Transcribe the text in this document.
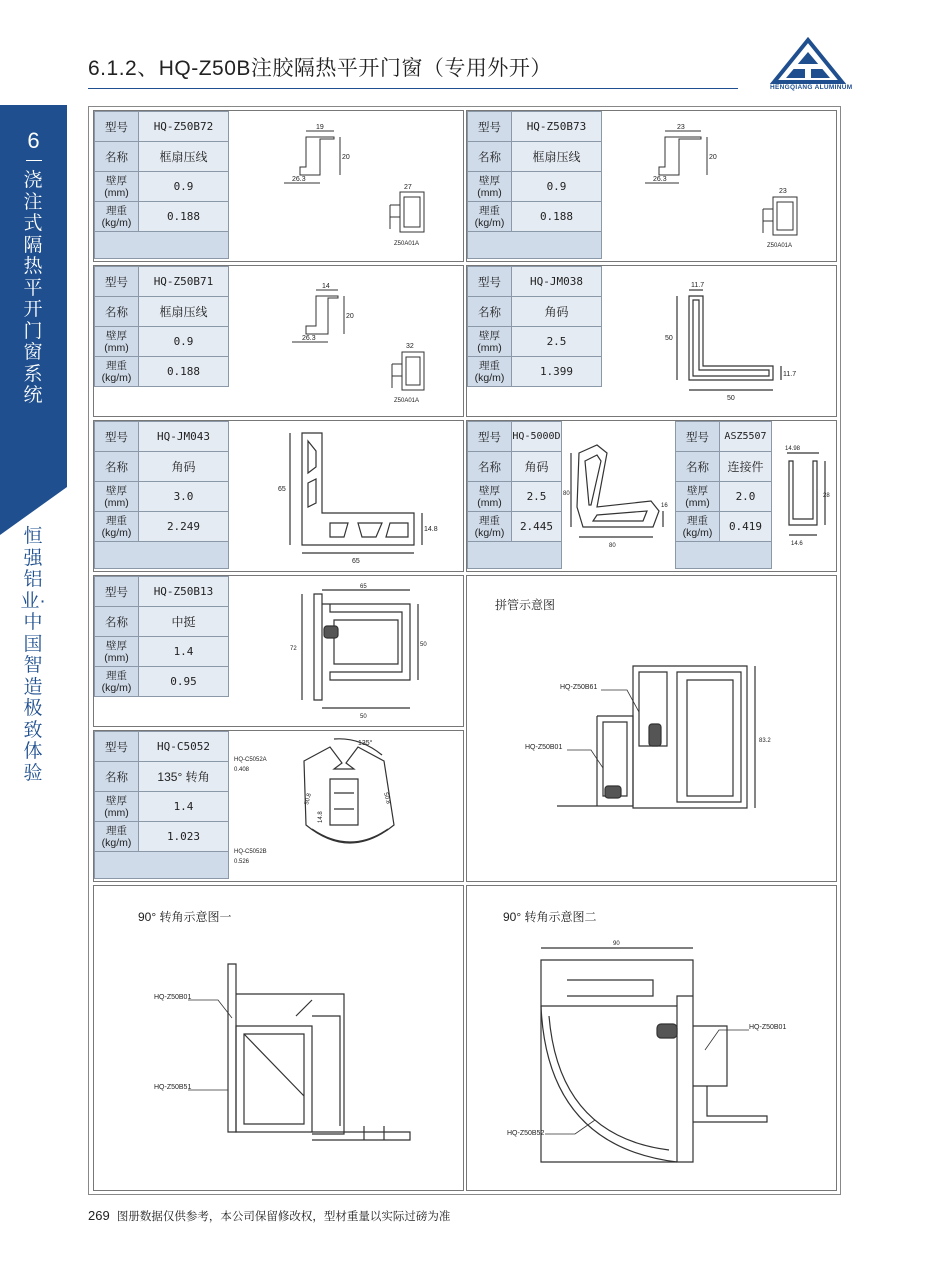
6.1.2、HQ-Z50B注胶隔热平开门窗（专用外开）
HENGQIANG ALUMINUM
6
浇注式隔热平开门窗系统
恒强铝业·中国智造 极致体验
型号	HQ-Z50B72
名称	框扇压线
壁厚
(mm)	0.9
理重
(kg/m)	0.188

19
20
26.3
27
Z50A01A
型号	HQ-Z50B73
名称	框扇压线
壁厚
(mm)	0.9
理重
(kg/m)	0.188

23
20
26.3
23
Z50A01A
型号	HQ-Z50B71
名称	框扇压线
壁厚
(mm)	0.9
理重
(kg/m)	0.188

14
20
26.3
32
Z50A01A
型号	HQ-JM038
名称	角码
壁厚
(mm)	2.5
理重
(kg/m)	1.399

11.7
50
11.7
50
型号	HQ-JM043
名称	角码
壁厚
(mm)	3.0
理重
(kg/m)	2.249

65
14.8
65
型号	HQ-5000D
名称	角码
壁厚
(mm)	2.5
理重
(kg/m)	2.445

80
80
16
型号	ASZ5507
名称	连接件
壁厚
(mm)	2.0
理重
(kg/m)	0.419

14.98
28
14.6
型号	HQ-Z50B13
名称	中挺
壁厚
(mm)	1.4
理重
(kg/m)	0.95

65
72
50
50
型号	HQ-C5052
名称	135° 转角
壁厚
(mm)	1.4
理重
(kg/m)	1.023

135°
50.8	50.8
14.8
HQ-C5052A
0.408
HQ-C5052B
0.526
拼管示意图
83.2
HQ-Z50B61
HQ-Z50B01
90° 转角示意图一
HQ-Z50B01
HQ-Z50B51
90° 转角示意图二
90
HQ-Z50B01
HQ-Z50B52
269 图册数据仅供参考，本公司保留修改权，型材重量以实际过磅为准
